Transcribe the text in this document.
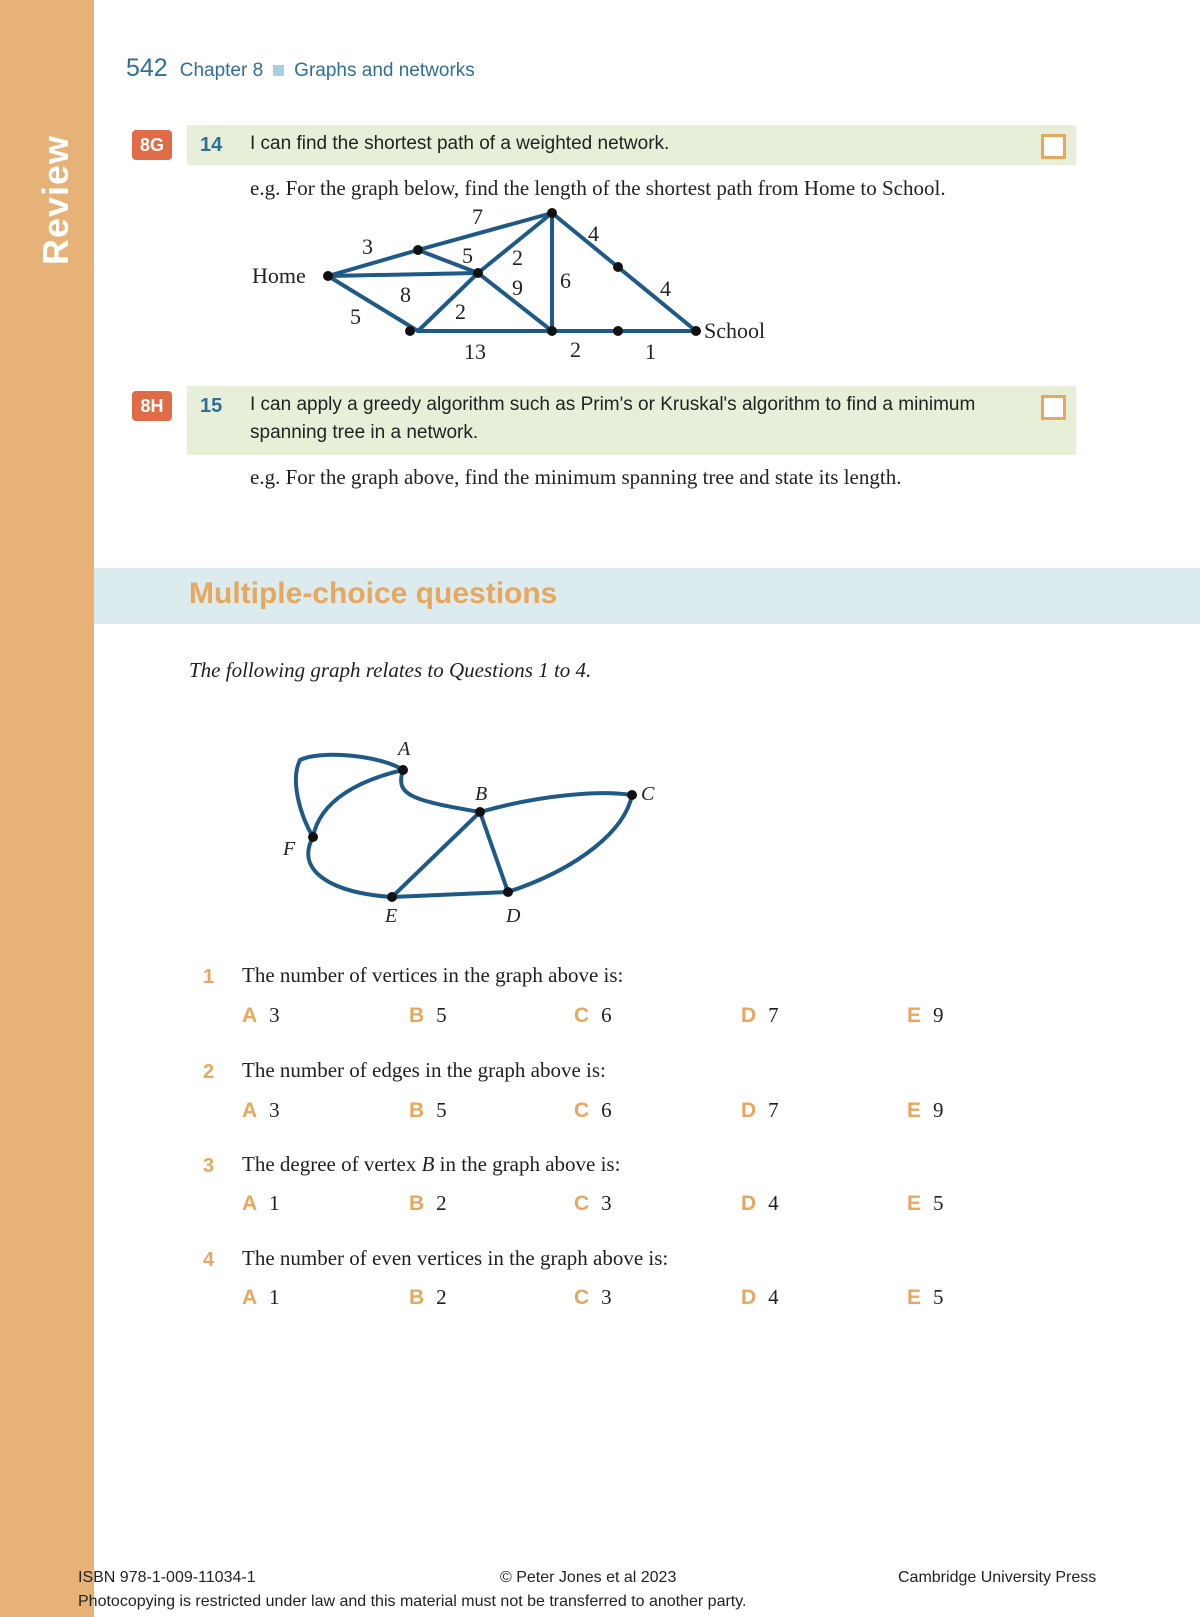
Review
542 Chapter 8 Graphs and networks
8G	14 I can find the shortest path of a weighted network.
e.g. For the graph below, find the length of the shortest path from Home to School.
Home
School
7
3	5
4
2
6	4
8	9
5	2
13	2	1
8H	15 I can apply a greedy algorithm such as Prim's or Kruskal's algorithm to find a minimum spanning tree in a network.
e.g. For the graph above, find the minimum spanning tree and state its length.
Multiple-choice questions
The following graph relates to Questions 1 to 4.
A
B	C
D
E
F
1 The number of vertices in the graph above is:
A 3	B 5	C 6	D 7	E 9
2 The number of edges in the graph above is:
A 3	B 5	C 6	D 7	E 9
3 The degree of vertex B in the graph above is:
A 1	B 2	C 3	D 4	E 5
4 The number of even vertices in the graph above is:
A 1	B 2	C 3	D 4	E 5
ISBN 978-1-009-11034-1	© Peter Jones et al 2023	Cambridge University Press
Photocopying is restricted under law and this material must not be transferred to another party.
